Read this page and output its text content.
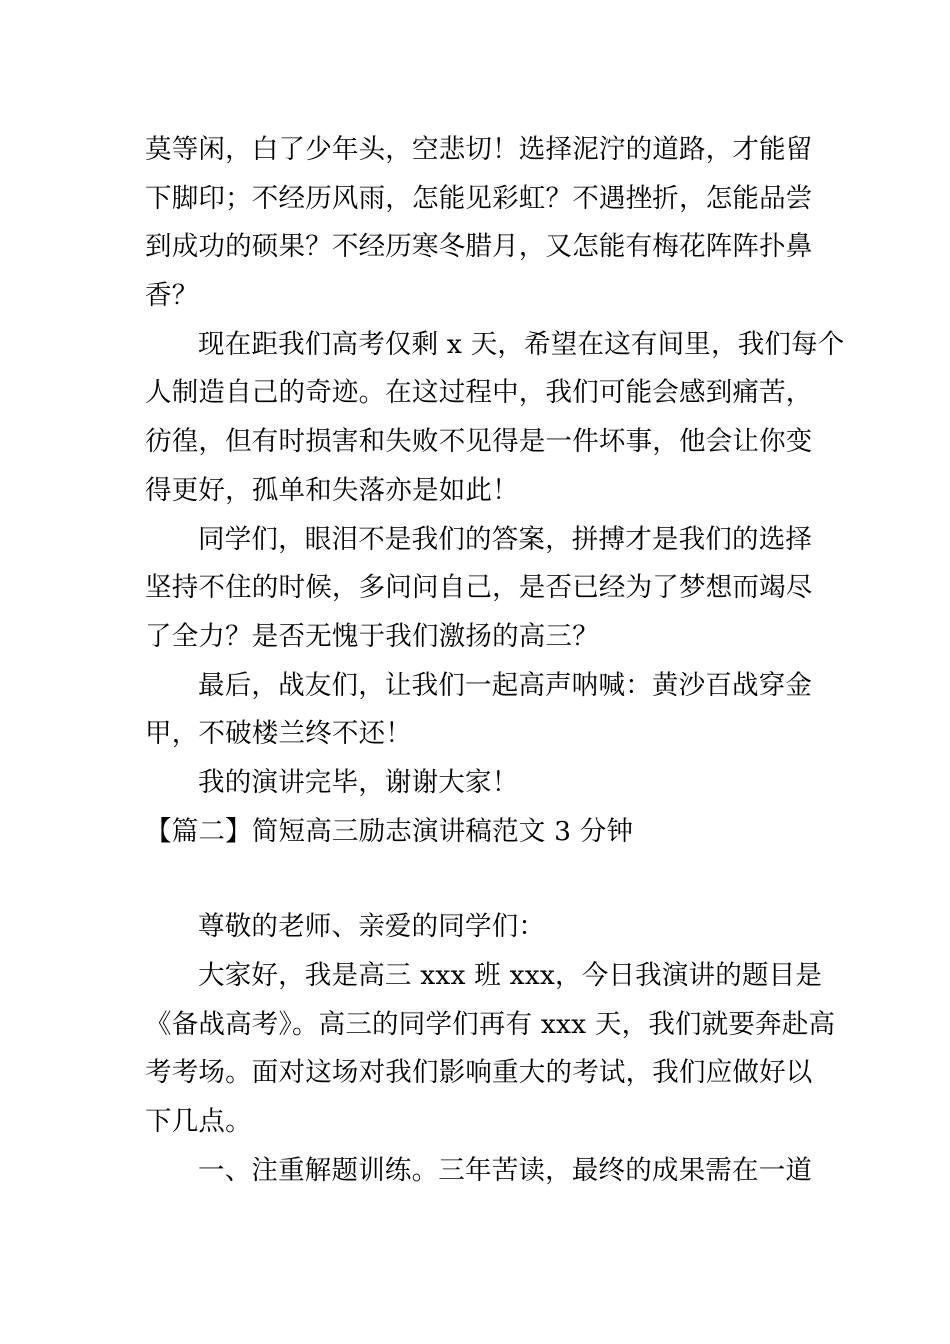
莫等闲，白了少年头，空悲切！选择泥泞的道路，才能留
下脚印；不经历风雨，怎能见彩虹？不遇挫折，怎能品尝
到成功的硕果？不经历寒冬腊月，又怎能有梅花阵阵扑鼻
香？
现在距我们高考仅剩 x 天，希望在这有间里，我们每个
人制造自己的奇迹。在这过程中，我们可能会感到痛苦，
彷徨，但有时损害和失败不见得是一件坏事，他会让你变
得更好，孤单和失落亦是如此！
同学们，眼泪不是我们的答案，拼搏才是我们的选择
坚持不住的时候，多问问自己，是否已经为了梦想而竭尽
了全力？是否无愧于我们激扬的高三？
最后，战友们，让我们一起高声呐喊：黄沙百战穿金
甲，不破楼兰终不还！
我的演讲完毕，谢谢大家！
【篇二】简短高三励志演讲稿范文 3 分钟
尊敬的老师、亲爱的同学们：
大家好，我是高三 xxx 班 xxx，今日我演讲的题目是
《备战高考》。高三的同学们再有 xxx 天，我们就要奔赴高
考考场。面对这场对我们影响重大的考试，我们应做好以
下几点。
一、注重解题训练。三年苦读，最终的成果需在一道
